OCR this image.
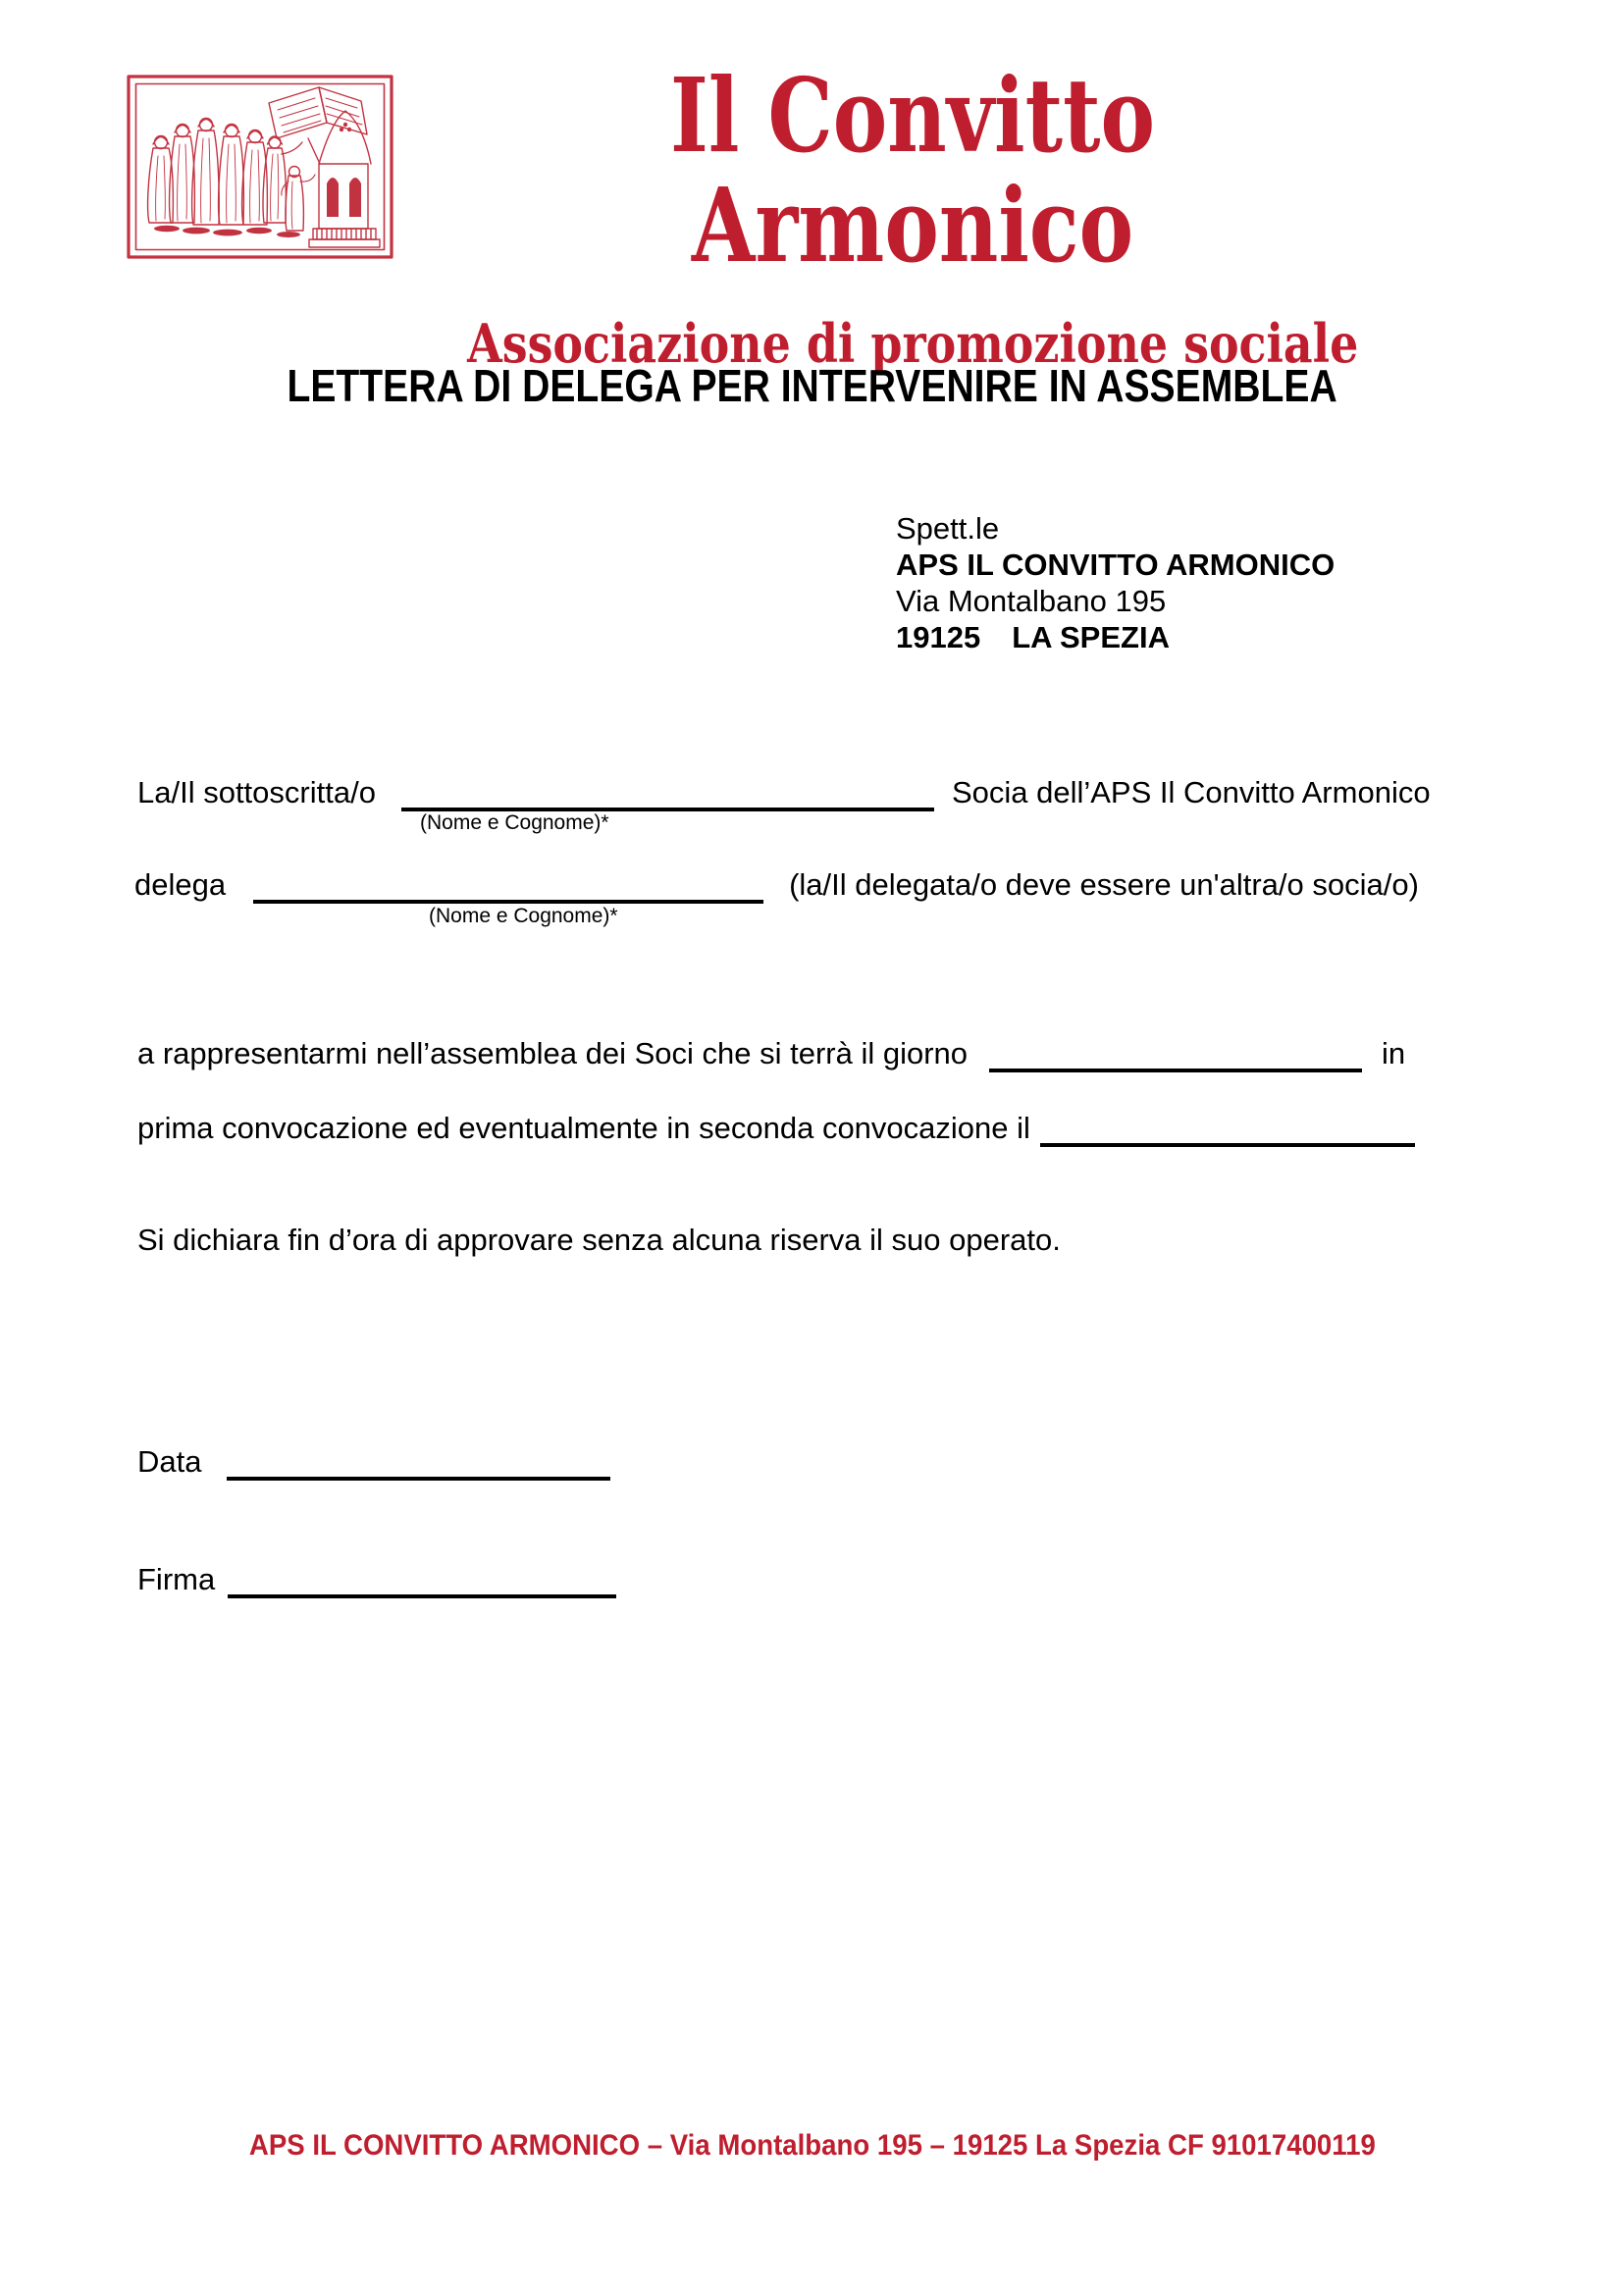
Il Convitto Armonico
Associazione di promozione sociale
LETTERA DI DELEGA PER INTERVENIRE IN ASSEMBLEA
Spett.le
APS IL CONVITTO ARMONICO
Via Montalbano 195
19125 LA SPEZIA
La/Il sottoscritta/o	Socia dell’APS Il Convitto Armonico
(Nome e Cognome)*
delega	(la/Il delegata/o deve essere un'altra/o socia/o)
(Nome e Cognome)*
a rappresentarmi nell’assemblea dei Soci che si terrà il giorno	in
prima convocazione ed eventualmente in seconda convocazione il
Si dichiara fin d’ora di approvare senza alcuna riserva il suo operato.
Data
Firma
APS IL CONVITTO ARMONICO – Via Montalbano 195 – 19125 La Spezia CF 91017400119
